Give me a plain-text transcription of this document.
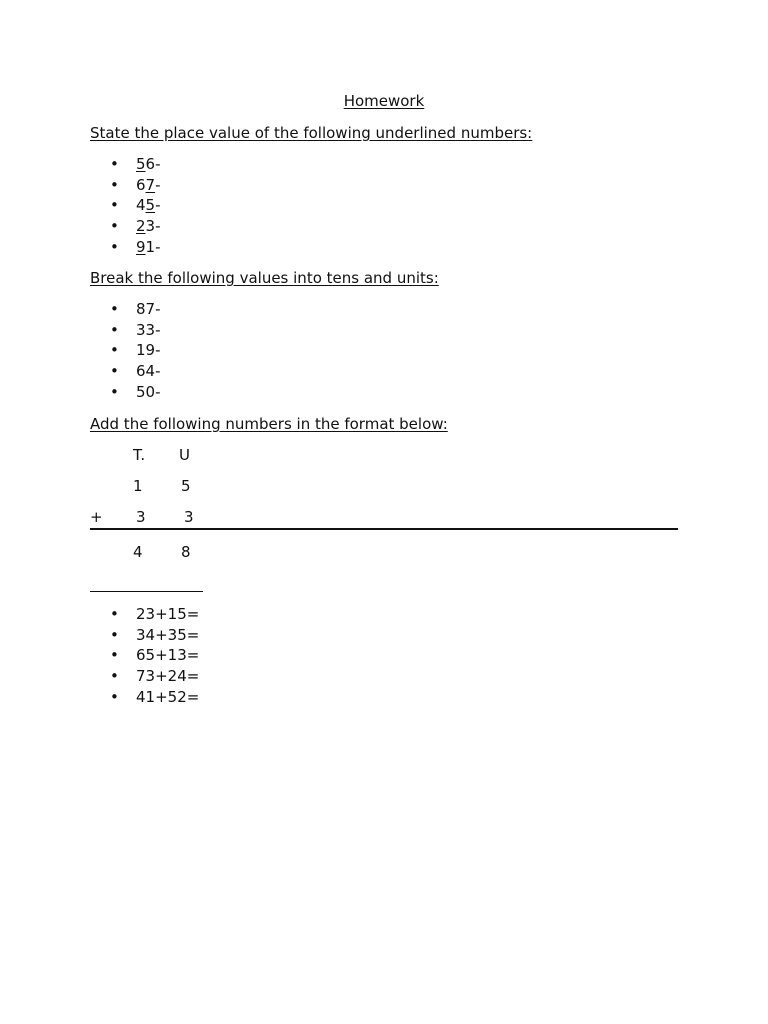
Homework
State the place value of the following underlined numbers:
• 56-
• 67-
• 45-
• 23-
• 91-
Break the following values into tens and units:
• 87-
• 33-
• 19-
• 64-
• 50-
Add the following numbers in the format below:
T. U
1	5
+ 3	3
4	8
• 23+15=
• 34+35=
• 65+13=
• 73+24=
• 41+52=
